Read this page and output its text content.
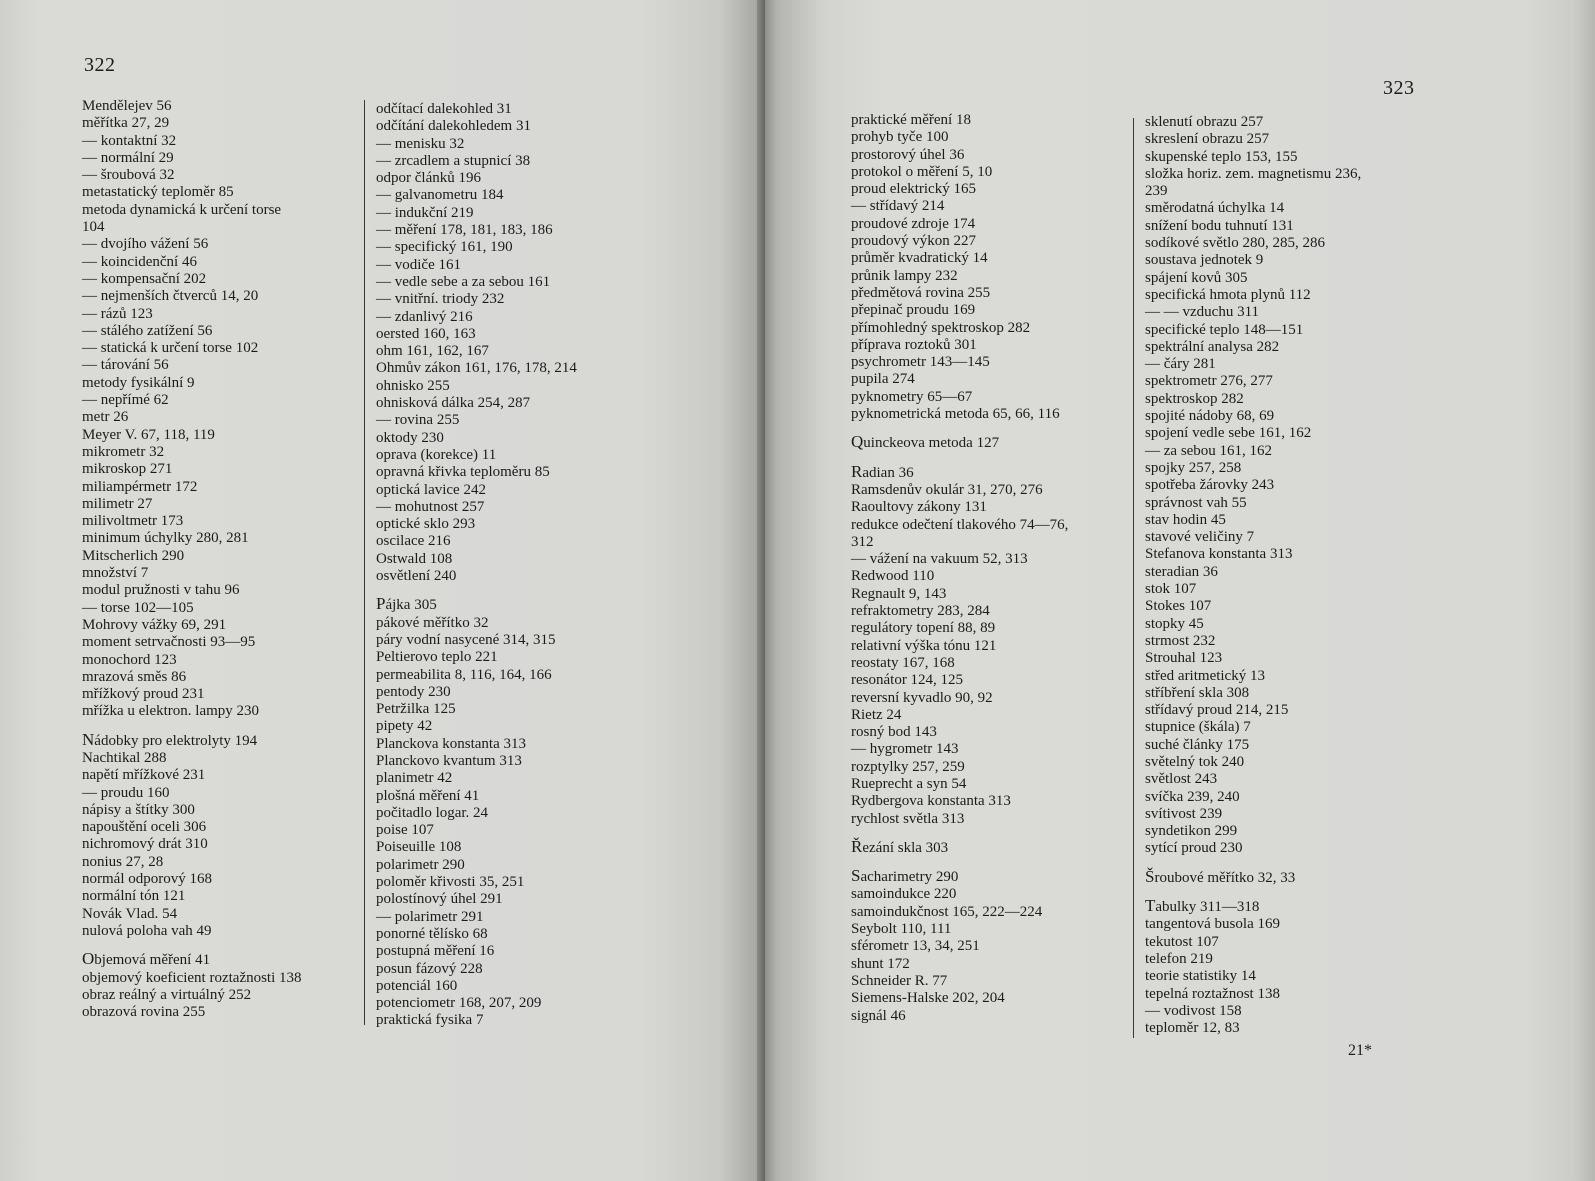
322
Mendělejev 56
měřítka 27, 29
— kontaktní 32
— normální 29
— šroubová 32
metastatický teploměr 85
metoda dynamická k určení torse
104
— dvojího vážení 56
— koincidenční 46
— kompensační 202
— nejmenších čtverců 14, 20
— rázů 123
— stálého zatížení 56
— statická k určení torse 102
— tárování 56
metody fysikální 9
— nepřímé 62
metr 26
Meyer V. 67, 118, 119
mikrometr 32
mikroskop 271
miliampérmetr 172
milimetr 27
milivoltmetr 173
minimum úchylky 280, 281
Mitscherlich 290
množství 7
modul pružnosti v tahu 96
— torse 102—105
Mohrovy vážky 69, 291
moment setrvačnosti 93—95
monochord 123
mrazová směs 86
mřížkový proud 231
mřížka u elektron. lampy 230
Nádobky pro elektrolyty 194
Nachtikal 288
napětí mřížkové 231
— proudu 160
nápisy a štítky 300
napouštění oceli 306
nichromový drát 310
nonius 27, 28
normál odporový 168
normální tón 121
Novák Vlad. 54
nulová poloha vah 49
Objemová měření 41
objemový koeficient roztažnosti 138
obraz reálný a virtuálný 252
obrazová rovina 255
odčítací dalekohled 31
odčítání dalekohledem 31
— menisku 32
— zrcadlem a stupnicí 38
odpor článků 196
— galvanometru 184
— indukční 219
— měření 178, 181, 183, 186
— specifický 161, 190
— vodiče 161
— vedle sebe a za sebou 161
— vnitřní. triody 232
— zdanlivý 216
oersted 160, 163
ohm 161, 162, 167
Ohmův zákon 161, 176, 178, 214
ohnisko 255
ohnisková dálka 254, 287
— rovina 255
oktody 230
oprava (korekce) 11
opravná křivka teploměru 85
optická lavice 242
— mohutnost 257
optické sklo 293
oscilace 216
Ostwald 108
osvětlení 240
Pájka 305
pákové měřítko 32
páry vodní nasycené 314, 315
Peltierovo teplo 221
permeabilita 8, 116, 164, 166
pentody 230
Petržilka 125
pipety 42
Planckova konstanta 313
Planckovo kvantum 313
planimetr 42
plošná měření 41
počitadlo logar. 24
poise 107
Poiseuille 108
polarimetr 290
poloměr křivosti 35, 251
polostínový úhel 291
— polarimetr 291
ponorné tělísko 68
postupná měření 16
posun fázový 228
potenciál 160
potenciometr 168, 207, 209
praktická fysika 7
323
praktické měření 18
prohyb tyče 100
prostorový úhel 36
protokol o měření 5, 10
proud elektrický 165
— střídavý 214
proudové zdroje 174
proudový výkon 227
průměr kvadratický 14
průnik lampy 232
předmětová rovina 255
přepinač proudu 169
přímohledný spektroskop 282
příprava roztoků 301
psychrometr 143—145
pupila 274
pyknometry 65—67
pyknometrická metoda 65, 66, 116
Quinckeova metoda 127
Radian 36
Ramsdenův okulár 31, 270, 276
Raoultovy zákony 131
redukce odečtení tlakového 74—76,
312
— vážení na vakuum 52, 313
Redwood 110
Regnault 9, 143
refraktometry 283, 284
regulátory topení 88, 89
relativní výška tónu 121
reostaty 167, 168
resonátor 124, 125
reversní kyvadlo 90, 92
Rietz 24
rosný bod 143
— hygrometr 143
rozptylky 257, 259
Rueprecht a syn 54
Rydbergova konstanta 313
rychlost světla 313
Řezání skla 303
Sacharimetry 290
samoindukce 220
samoindukčnost 165, 222—224
Seybolt 110, 111
sférometr 13, 34, 251
shunt 172
Schneider R. 77
Siemens-Halske 202, 204
signál 46
sklenutí obrazu 257
skreslení obrazu 257
skupenské teplo 153, 155
složka horiz. zem. magnetismu 236,
239
směrodatná úchylka 14
snížení bodu tuhnutí 131
sodíkové světlo 280, 285, 286
soustava jednotek 9
spájení kovů 305
specifická hmota plynů 112
— — vzduchu 311
specifické teplo 148—151
spektrální analysa 282
— čáry 281
spektrometr 276, 277
spektroskop 282
spojité nádoby 68, 69
spojení vedle sebe 161, 162
— za sebou 161, 162
spojky 257, 258
spotřeba žárovky 243
správnost vah 55
stav hodin 45
stavové veličiny 7
Stefanova konstanta 313
steradian 36
stok 107
Stokes 107
stopky 45
strmost 232
Strouhal 123
střed aritmetický 13
stříbření skla 308
střídavý proud 214, 215
stupnice (škála) 7
suché články 175
světelný tok 240
světlost 243
svíčka 239, 240
svítivost 239
syndetikon 299
sytící proud 230
Šroubové měřítko 32, 33
Tabulky 311—318
tangentová busola 169
tekutost 107
telefon 219
teorie statistiky 14
tepelná roztažnost 138
— vodivost 158
teploměr 12, 83
21*
